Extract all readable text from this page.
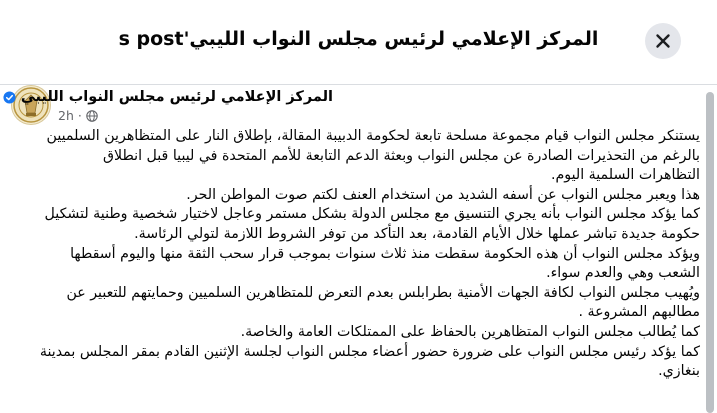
المركز الإعلامي لرئيس مجلس النواب الليبي's post
المركز الإعلامي لرئيس مجلس النواب الليبي
2h ·

يستنكر مجلس النواب قيام مجموعة مسلحة تابعة لحكومة الدبيبة المقالة، بإطلاق النار على المتظاهرين السلميين

بالرغم من التحذيرات الصادرة عن مجلس النواب وبعثة الدعم التابعة للأمم المتحدة في ليبيا قبل انطلاق

التظاهرات السلمية اليوم.

هذا ويعبر مجلس النواب عن أسفه الشديد من استخدام العنف لكتم صوت المواطن الحر.

كما يؤكد مجلس النواب بأنه يجري التنسيق مع مجلس الدولة بشكل مستمر وعاجل لاختيار شخصية وطنية لتشكيل

حكومة جديدة تباشر عملها خلال الأيام القادمة، بعد التأكد من توفر الشروط اللازمة لتولي الرئاسة.

ويؤكد مجلس النواب أن هذه الحكومة سقطت منذ ثلاث سنوات بموجب قرار سحب الثقة منها واليوم أسقطها

الشعب وهي والعدم سواء.

ويُهيب مجلس النواب لكافة الجهات الأمنية بطرابلس بعدم التعرض للمتظاهرين السلميين وحمايتهم للتعبير عن

مطالبهم المشروعة .

كما يُطالب مجلس النواب المتظاهرين بالحفاظ على الممتلكات العامة والخاصة.

كما يؤكد رئيس مجلس النواب على ضرورة حضور أعضاء مجلس النواب لجلسة الإثنين القادم بمقر المجلس بمدينة

بنغازي.
